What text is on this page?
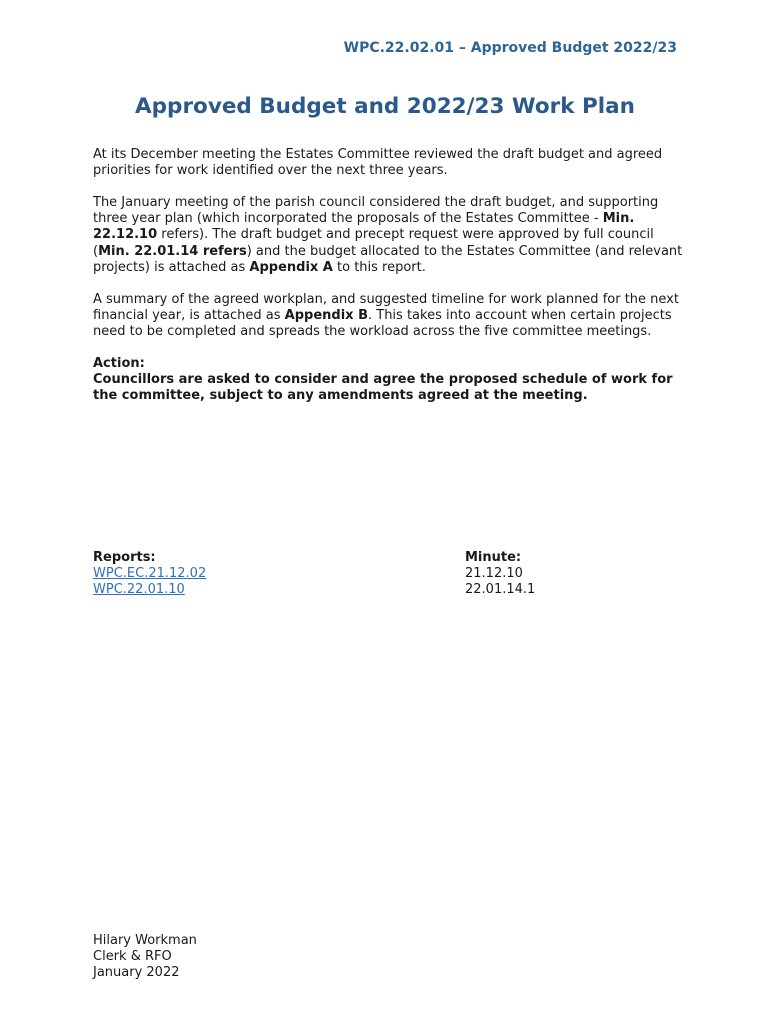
WPC.22.02.01 – Approved Budget 2022/23
Approved Budget and 2022/23 Work Plan

At its December meeting the Estates Committee reviewed the draft budget and agreed priorities for work identified over the next three years.

The January meeting of the parish council considered the draft budget, and supporting three year plan (which incorporated the proposals of the Estates Committee - Min. 22.12.10 refers). The draft budget and precept request were approved by full council (Min. 22.01.14 refers) and the budget allocated to the Estates Committee (and relevant projects) is attached as Appendix A to this report.

A summary of the agreed workplan, and suggested timeline for work planned for the next financial year, is attached as Appendix B. This takes into account when certain projects need to be completed and spreads the workload across the five committee meetings.

Action:
Councillors are asked to consider and agree the proposed schedule of work for the committee, subject to any amendments agreed at the meeting.
Reports:
WPC.EC.21.12.02
WPC.22.01.10
Minute:
21.12.10
22.01.14.1
Hilary Workman
Clerk & RFO
January 2022
